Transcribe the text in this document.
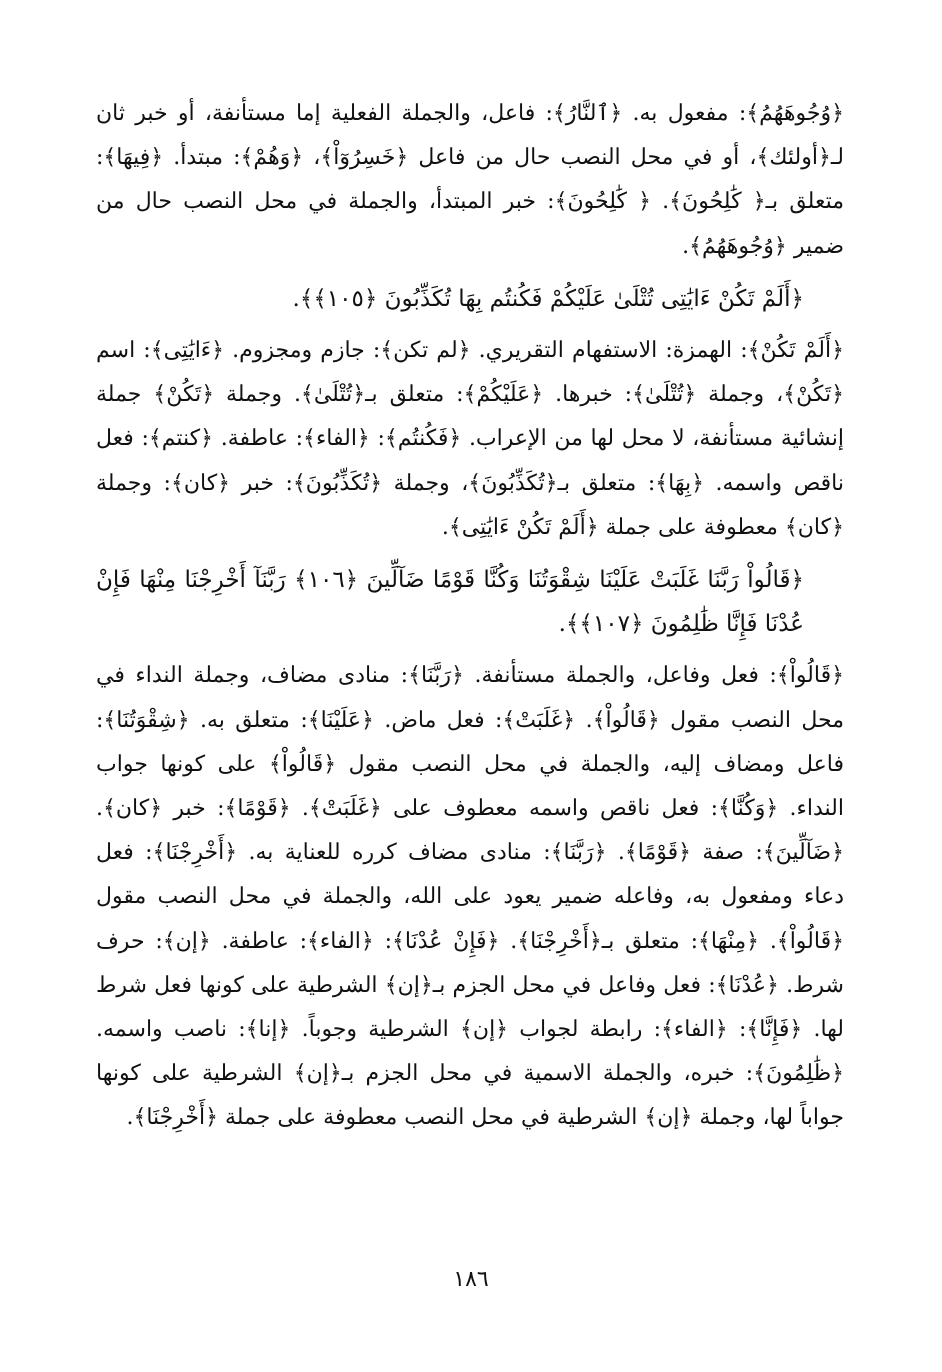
﴿وُجُوهَهُمُ﴾: مفعول به. ﴿ٱلنَّارُ﴾: فاعل، والجملة الفعلية إما مستأنفة، أو خبر ثان لـ﴿أولئك﴾، أو في محل النصب حال من فاعل ﴿خَسِرُوٓاْ﴾، ﴿وَهُمْ﴾: مبتدأ. ﴿فِيهَا﴾: متعلق بـ﴿ كَٰلِحُونَ﴾. ﴿ كَٰلِحُونَ﴾: خبر المبتدأ، والجملة في محل النصب حال من ضمير ﴿وُجُوهَهُمُ﴾.

﴿أَلَمْ تَكُنْ ءَايَٰتِى تُتْلَىٰ عَلَيْكُمْ فَكُنتُم بِهَا تُكَذِّبُونَ ﴿١٠٥﴾﴾.

﴿أَلَمْ تَكُنْ﴾: الهمزة: الاستفهام التقريري. ﴿لم تكن﴾: جازم ومجزوم. ﴿ءَايَٰتِى﴾: اسم ﴿تَكُنْ﴾، وجملة ﴿تُتْلَىٰ﴾: خبرها. ﴿عَلَيْكُمْ﴾: متعلق بـ﴿تُتْلَىٰ﴾. وجملة ﴿تَكُنْ﴾ جملة إنشائية مستأنفة، لا محل لها من الإعراب. ﴿فَكُنتُم﴾: ﴿الفاء﴾: عاطفة. ﴿كنتم﴾: فعل ناقص واسمه. ﴿بِهَا﴾: متعلق بـ﴿تُكَذِّبُونَ﴾، وجملة ﴿تُكَذِّبُونَ﴾: خبر ﴿كان﴾: وجملة ﴿كان﴾ معطوفة على جملة ﴿أَلَمْ تَكُنْ ءَايَٰتِى﴾.

﴿قَالُواْ رَبَّنَا غَلَبَتْ عَلَيْنَا شِقْوَتُنَا وَكُنَّا قَوْمًا ضَآلِّينَ ﴿١٠٦﴾ رَبَّنَآ أَخْرِجْنَا مِنْهَا فَإِنْ عُدْنَا فَإِنَّا ظَٰلِمُونَ ﴿١٠٧﴾﴾.

﴿قَالُواْ﴾: فعل وفاعل، والجملة مستأنفة. ﴿رَبَّنَا﴾: منادى مضاف، وجملة النداء في محل النصب مقول ﴿قَالُواْ﴾. ﴿غَلَبَتْ﴾: فعل ماض. ﴿عَلَيْنَا﴾: متعلق به. ﴿شِقْوَتُنَا﴾: فاعل ومضاف إليه، والجملة في محل النصب مقول ﴿قَالُواْ﴾ على كونها جواب النداء. ﴿وَكُنَّا﴾: فعل ناقص واسمه معطوف على ﴿غَلَبَتْ﴾. ﴿قَوْمًا﴾: خبر ﴿كان﴾. ﴿ضَآلِّينَ﴾: صفة ﴿قَوْمًا﴾. ﴿رَبَّنَا﴾: منادى مضاف كرره للعناية به. ﴿أَخْرِجْنَا﴾: فعل دعاء ومفعول به، وفاعله ضمير يعود على الله، والجملة في محل النصب مقول ﴿قَالُواْ﴾. ﴿مِنْهَا﴾: متعلق بـ﴿أَخْرِجْنَا﴾. ﴿فَإِنْ عُدْنَا﴾: ﴿الفاء﴾: عاطفة. ﴿إن﴾: حرف شرط. ﴿عُدْنَا﴾: فعل وفاعل في محل الجزم بـ﴿إن﴾ الشرطية على كونها فعل شرط لها. ﴿فَإِنَّا﴾: ﴿الفاء﴾: رابطة لجواب ﴿إن﴾ الشرطية وجوباً. ﴿إنا﴾: ناصب واسمه. ﴿ظَٰلِمُونَ﴾: خبره، والجملة الاسمية في محل الجزم بـ﴿إن﴾ الشرطية على كونها جواباً لها، وجملة ﴿إن﴾ الشرطية في محل النصب معطوفة على جملة ﴿أَخْرِجْنَا﴾.

١٨٦
